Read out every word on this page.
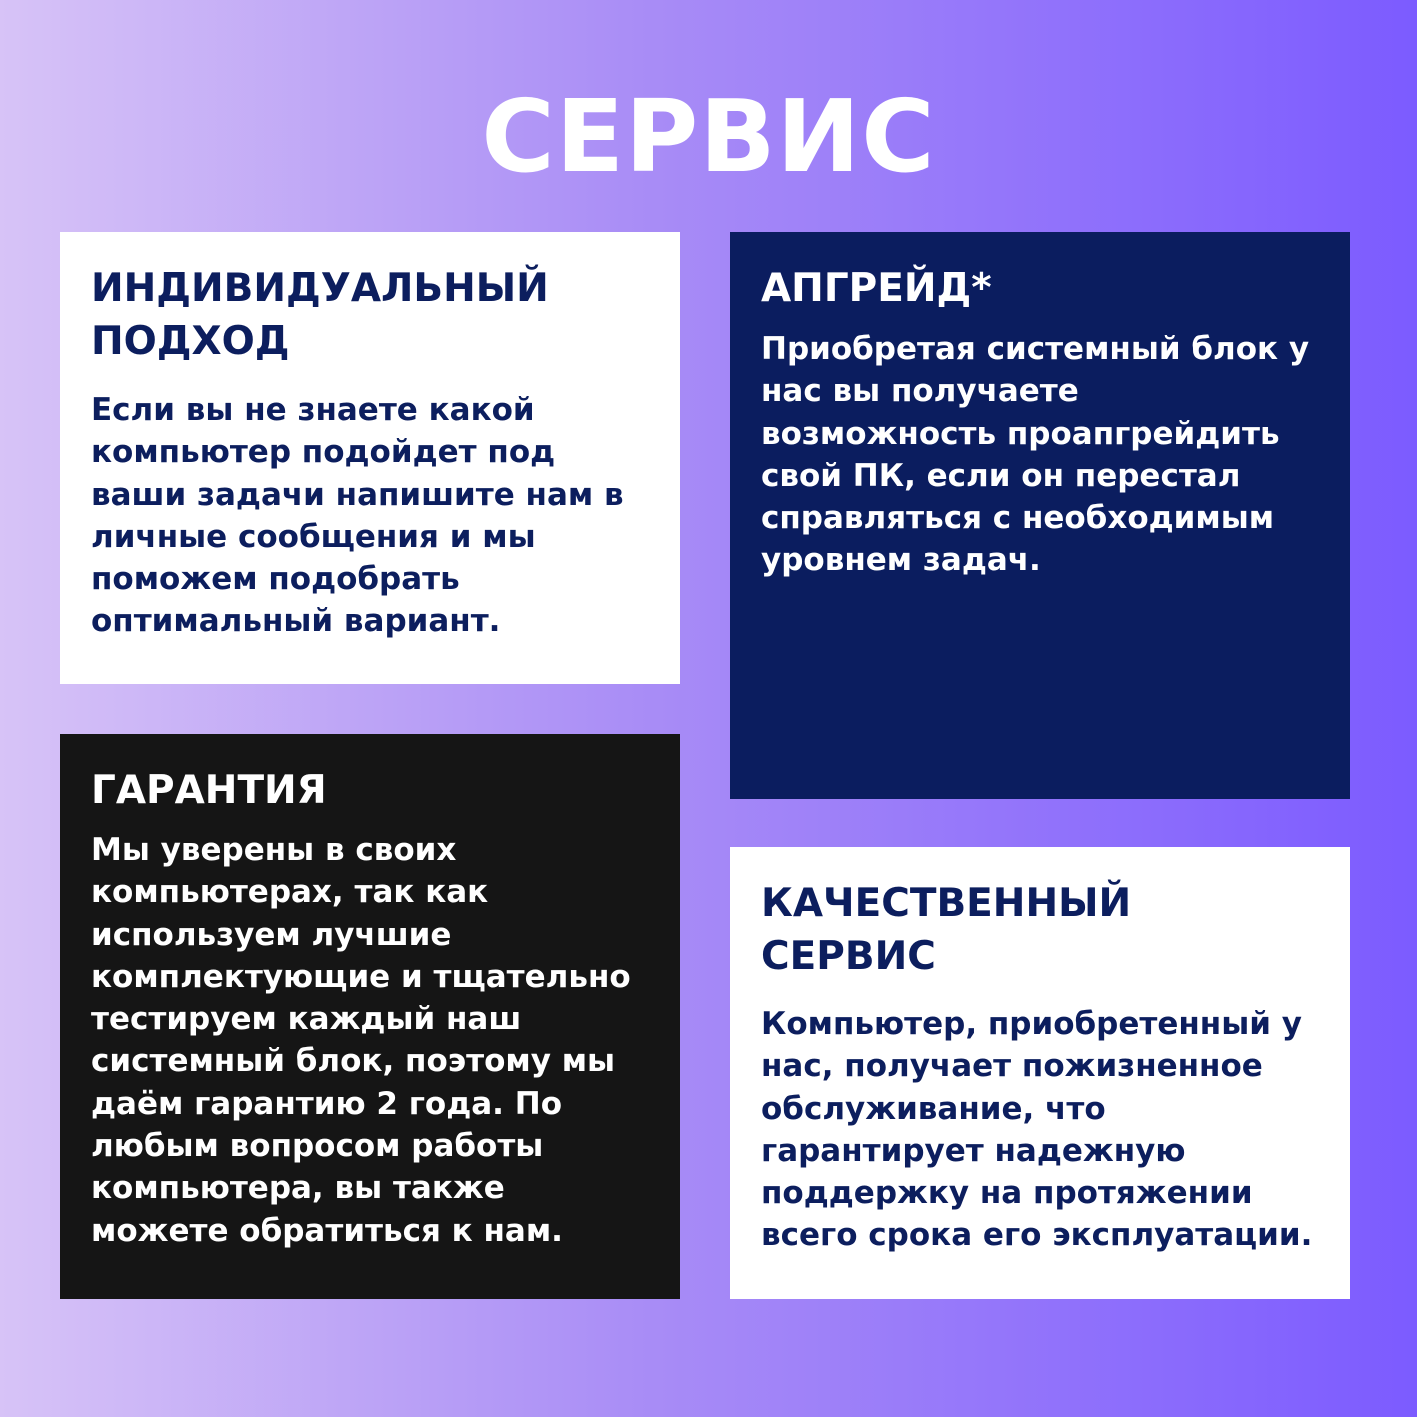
СЕРВИС
ИНДИВИДУАЛЬНЫЙ
ПОДХОД

Если вы не знаете какой компьютер подойдет под ваши задачи напишите нам в личные сообщения и мы поможем подобрать оптимальный вариант.

АПГРЕЙД*

Приобретая системный блок у нас вы получаете возможность проапгрейдить свой ПК, если он перестал справляться с необходимым уровнем задач.

ГАРАНТИЯ

Мы уверены в своих компьютерах, так как используем лучшие комплектующие и тщательно тестируем каждый наш системный блок, поэтому мы даём гарантию 2 года. По любым вопросом работы компьютера, вы также можете обратиться к нам.

КАЧЕСТВЕННЫЙ
СЕРВИС

Компьютер, приобретенный у нас, получает пожизненное обслуживание, что гарантирует надежную поддержку на протяжении всего срока его эксплуатации.
